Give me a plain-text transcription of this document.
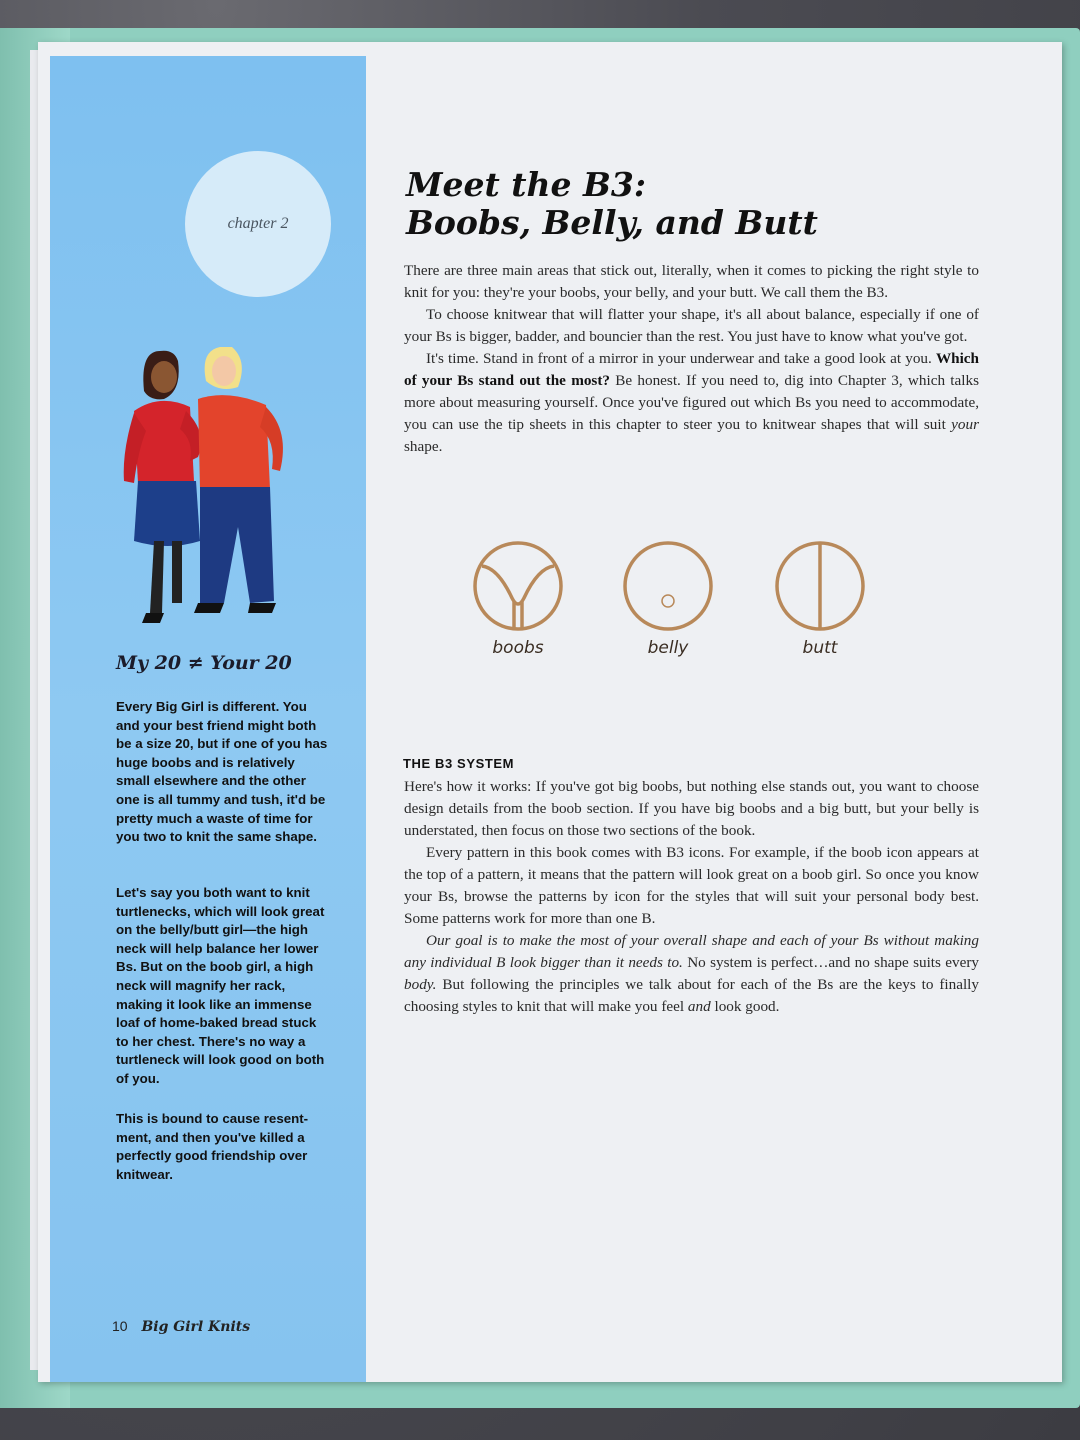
chapter 2
My 20 ≠ Your 20
Every Big Girl is different. You and your best friend might both be a size 20, but if one of you has huge boobs and is relatively small elsewhere and the other one is all tummy and tush, it'd be pretty much a waste of time for you two to knit the same shape.
Let's say you both want to knit turtlenecks, which will look great on the belly/butt girl—the high neck will help balance her lower Bs. But on the boob girl, a high neck will magnify her rack, making it look like an immense loaf of home-baked bread stuck to her chest. There's no way a turtleneck will look good on both of you.
This is bound to cause resent-ment, and then you've killed a perfectly good friendship over knitwear.
10 Big Girl Knits
Meet the B3:
Boobs, Belly, and Butt

There are three main areas that stick out, literally, when it comes to picking the right style to knit for you: they're your boobs, your belly, and your butt. We call them the B3.

To choose knitwear that will flatter your shape, it's all about balance, especially if one of your Bs is bigger, badder, and bouncier than the rest. You just have to know what you've got.

It's time. Stand in front of a mirror in your underwear and take a good look at you. Which of your Bs stand out the most? Be honest. If you need to, dig into Chapter 3, which talks more about measuring yourself. Once you've figured out which Bs you need to accommodate, you can use the tip sheets in this chapter to steer you to knitwear shapes that will suit your shape.

boobs	belly	butt
THE B3 SYSTEM

Here's how it works: If you've got big boobs, but nothing else stands out, you want to choose design details from the boob section. If you have big boobs and a big butt, but your belly is understated, then focus on those two sections of the book.

Every pattern in this book comes with B3 icons. For example, if the boob icon appears at the top of a pattern, it means that the pattern will look great on a boob girl. So once you know your Bs, browse the patterns by icon for the styles that will suit your personal body best. Some patterns work for more than one B.

Our goal is to make the most of your overall shape and each of your Bs without making any individual B look bigger than it needs to. No system is perfect…and no shape suits every body. But following the principles we talk about for each of the Bs are the keys to finally choosing styles to knit that will make you feel and look good.
